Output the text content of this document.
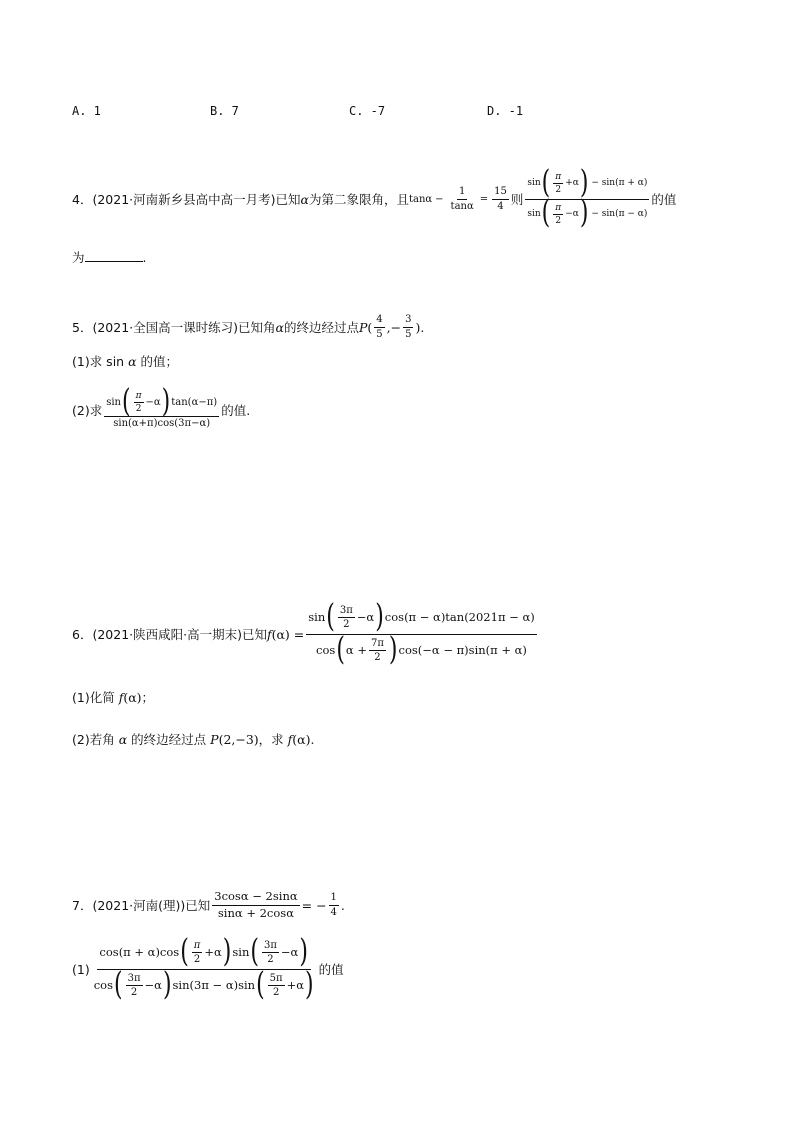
A. 1	B. 7	C. -7	D. -1
4．(2021·河南新乡县高中高一月考)已知 α 为第二象限角，且 $\tan\alpha - \frac{1}{\tan\alpha} = \frac{15}{4}$ 则
sin ( $\frac{\pi}{2} +\alpha$ ) − sin(π + α)
sin ( $\frac{\pi}{2} -\alpha$ ) − sin(π − α)
的值
为	.
5．(2021·全国高一课时练习)已知角 α 的终边经过点 P ( $\frac{4}{5}$ ,− $\frac{3}{5}$ ).
(1)求 sin α 的值；
(2)求
sin ( $\frac{\pi}{2} -\alpha$ ) tan(α−π)
sin(α+π)cos(3π−α)
的值.
6．(2021·陕西咸阳·高一期末)已知 f (α) =
sin ( $\frac{3\pi}{2} -\alpha$ ) cos(π − α)tan(2021π − α)
cos ( $\alpha + \frac{7\pi}{2}$ ) cos(−α − π)sin(π + α)
(1)化简 f(α)；
(2)若角 α 的终边经过点 P(2,−3)，求 f(α).
7．(2021·河南(理))已知 $\frac{3\cos\alpha - 2\sin\alpha}{\sin\alpha + 2\cos\alpha}$ = − $\frac{1}{4}$ .
(1)
cos(π + α)cos ( $\frac{\pi}{2} +\alpha$ ) sin ( $\frac{3\pi}{2} -\alpha$ )
cos ( $\frac{3\pi}{2} -\alpha$ ) sin(3π − α)sin ( $\frac{5\pi}{2} +\alpha$ ) 的值
